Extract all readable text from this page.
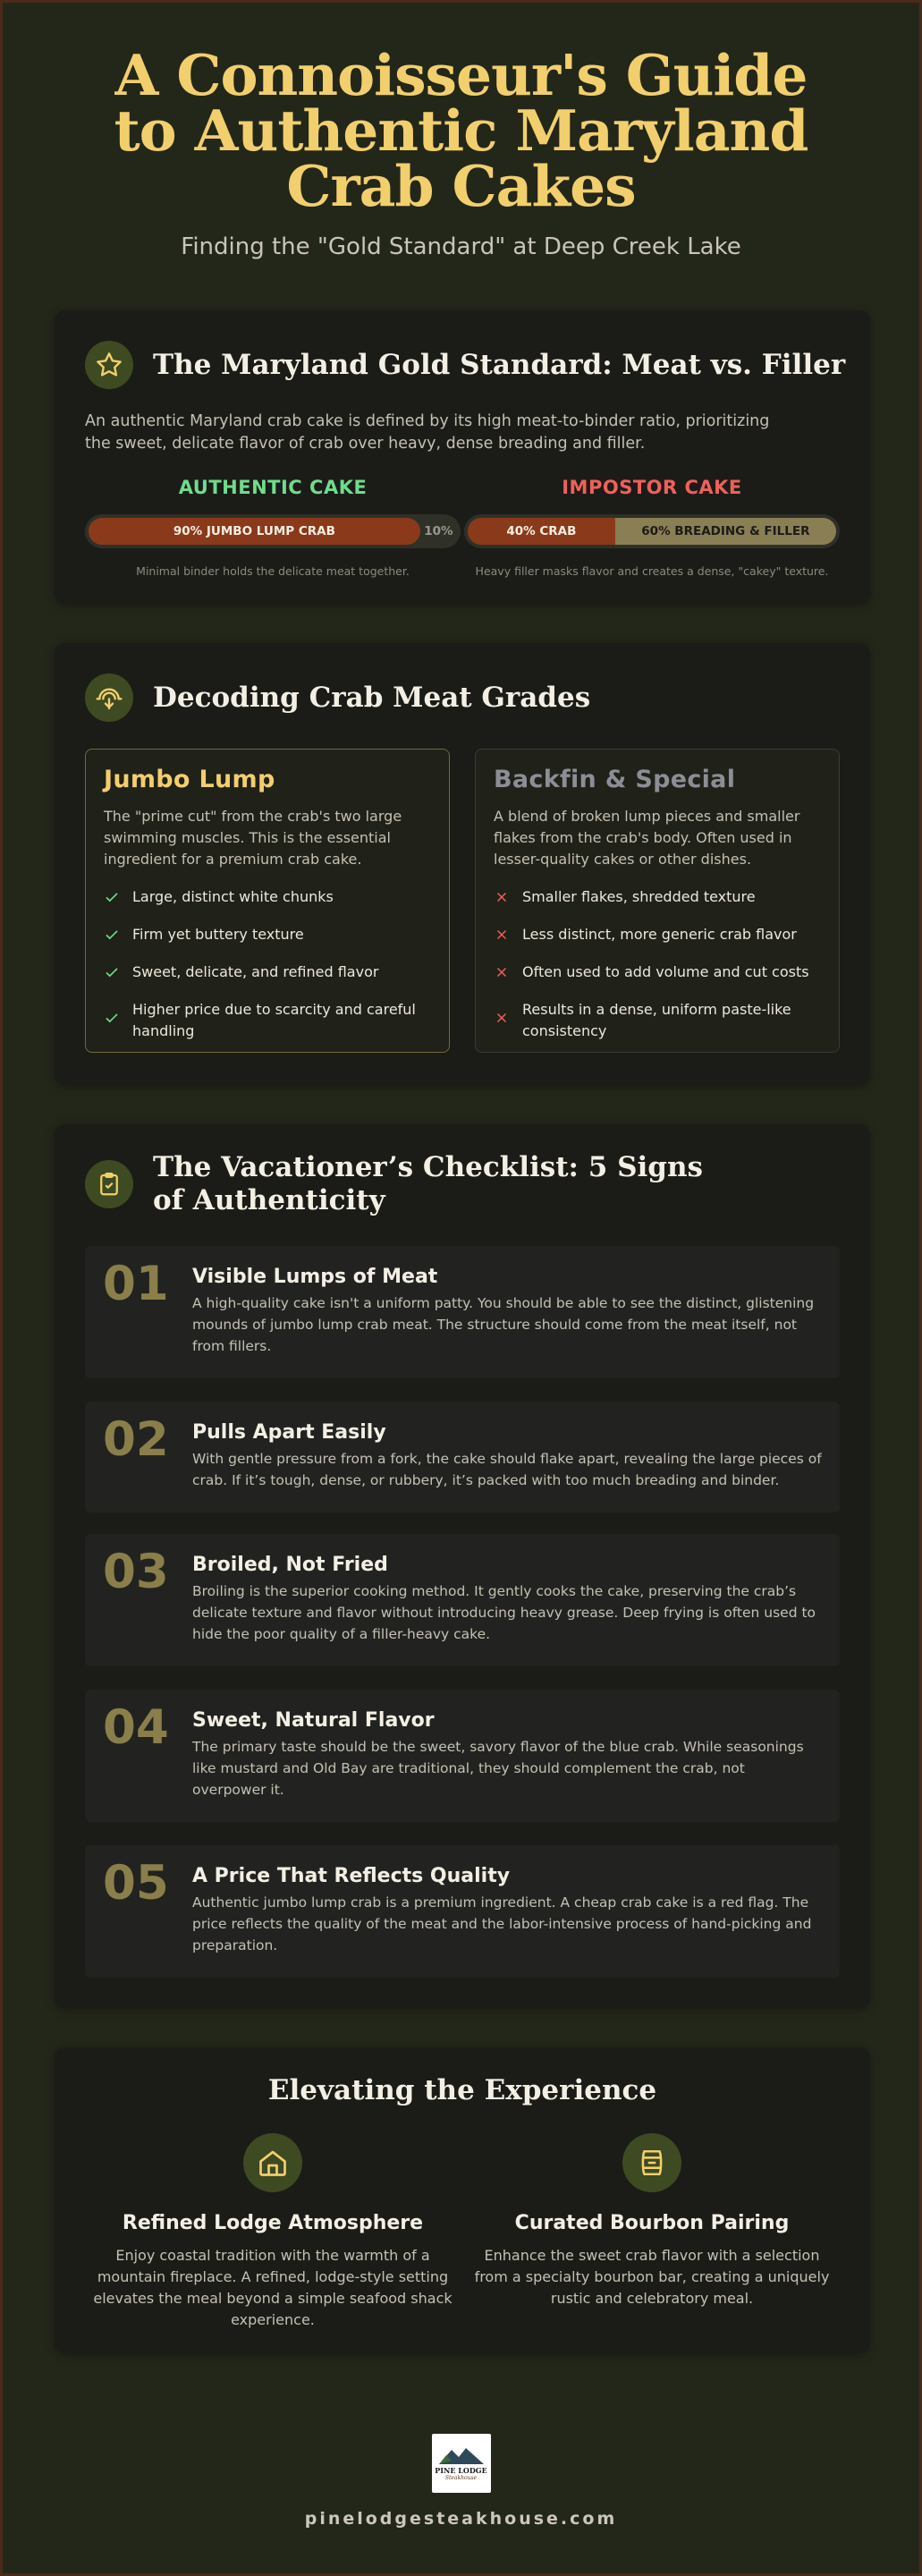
A Connoisseur's Guide to Authentic Maryland Crab Cakes
Finding the "Gold Standard" at Deep Creek Lake
The Maryland Gold Standard: Meat vs. Filler
An authentic Maryland crab cake is defined by its high meat-to-binder ratio, prioritizing the sweet, delicate flavor of crab over heavy, dense breading and filler.
AUTHENTIC CAKE
90% JUMBO LUMP CRAB	10%
Minimal binder holds the delicate meat together.
IMPOSTOR CAKE
40% CRAB	60% BREADING & FILLER
Heavy filler masks flavor and creates a dense, "cakey" texture.
Decoding Crab Meat Grades
Jumbo Lump
The "prime cut" from the crab's two large swimming muscles. This is the essential ingredient for a premium crab cake.
Large, distinct white chunks
Firm yet buttery texture
Sweet, delicate, and refined flavor
Higher price due to scarcity and careful handling
Backfin & Special
A blend of broken lump pieces and smaller flakes from the crab's body. Often used in lesser-quality cakes or other dishes.
Smaller flakes, shredded texture
Less distinct, more generic crab flavor
Often used to add volume and cut costs
Results in a dense, uniform paste-like consistency
The Vacationer’s Checklist: 5 Signs of Authenticity
01 Visible Lumps of Meat

A high-quality cake isn't a uniform patty. You should be able to see the distinct, glistening mounds of jumbo lump crab meat. The structure should come from the meat itself, not from fillers.

02 Pulls Apart Easily

With gentle pressure from a fork, the cake should flake apart, revealing the large pieces of crab. If it’s tough, dense, or rubbery, it’s packed with too much breading and binder.

03 Broiled, Not Fried

Broiling is the superior cooking method. It gently cooks the cake, preserving the crab’s delicate texture and flavor without introducing heavy grease. Deep frying is often used to hide the poor quality of a filler-heavy cake.

04 Sweet, Natural Flavor

The primary taste should be the sweet, savory flavor of the blue crab. While seasonings like mustard and Old Bay are traditional, they should complement the crab, not overpower it.

05 A Price That Reflects Quality

Authentic jumbo lump crab is a premium ingredient. A cheap crab cake is a red flag. The price reflects the quality of the meat and the labor-intensive process of hand-picking and preparation.

Elevating the Experience
Refined Lodge Atmosphere

Enjoy coastal tradition with the warmth of a mountain fireplace. A refined, lodge-style setting elevates the meal beyond a simple seafood shack experience.

Curated Bourbon Pairing

Enhance the sweet crab flavor with a selection from a specialty bourbon bar, creating a uniquely rustic and celebratory meal.

PINE LODGE
Steakhouse
pinelodgesteakhouse.com
